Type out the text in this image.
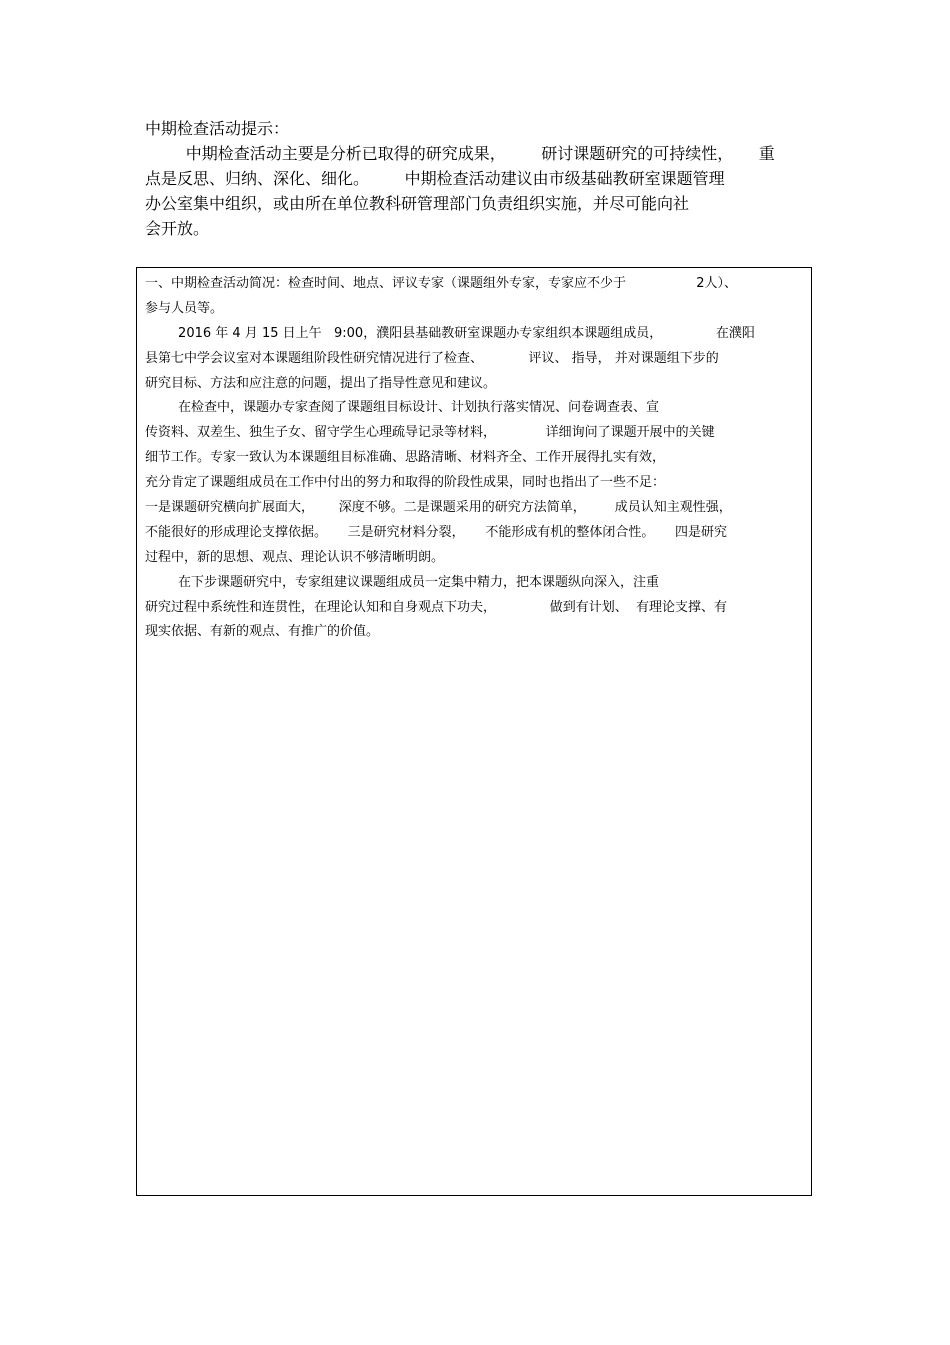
中期检查活动提示：
中期检查活动主要是分析已取得的研究成果，       研讨课题研究的可持续性，     重
点是反思、归纳、深化、细化。       中期检查活动建议由市级基础教研室课题管理
办公室集中组织，或由所在单位教科研管理部门负责组织实施，并尽可能向社
会开放。
一、中期检查活动简况：检查时间、地点、评议专家（课题组外专家，专家应不少于                 2人）、
参与人员等。
2016 年 4 月 15 日上午   9:00，濮阳县基础教研室课题办专家组织本课题组成员，             在濮阳
县第七中学会议室对本课题组阶段性研究情况进行了检查、           评议、 指导， 并对课题组下步的
研究目标、方法和应注意的问题，提出了指导性意见和建议。
在检查中，课题办专家查阅了课题组目标设计、计划执行落实情况、问卷调查表、宣
传资料、双差生、独生子女、留守学生心理疏导记录等材料，            详细询问了课题开展中的关键
细节工作。专家一致认为本课题组目标准确、思路清晰、材料齐全、工作开展得扎实有效，
充分肯定了课题组成员在工作中付出的努力和取得的阶段性成果，同时也指出了一些不足：
一是课题研究横向扩展面大，      深度不够。二是课题采用的研究方法简单，       成员认知主观性强，
不能很好的形成理论支撑依据。     三是研究材料分裂，     不能形成有机的整体闭合性。     四是研究
过程中，新的思想、观点、理论认识不够清晰明朗。
在下步课题研究中，专家组建议课题组成员一定集中精力，把本课题纵向深入，注重
研究过程中系统性和连贯性，在理论认知和自身观点下功夫，             做到有计划、  有理论支撑、有
现实依据、有新的观点、有推广的价值。
